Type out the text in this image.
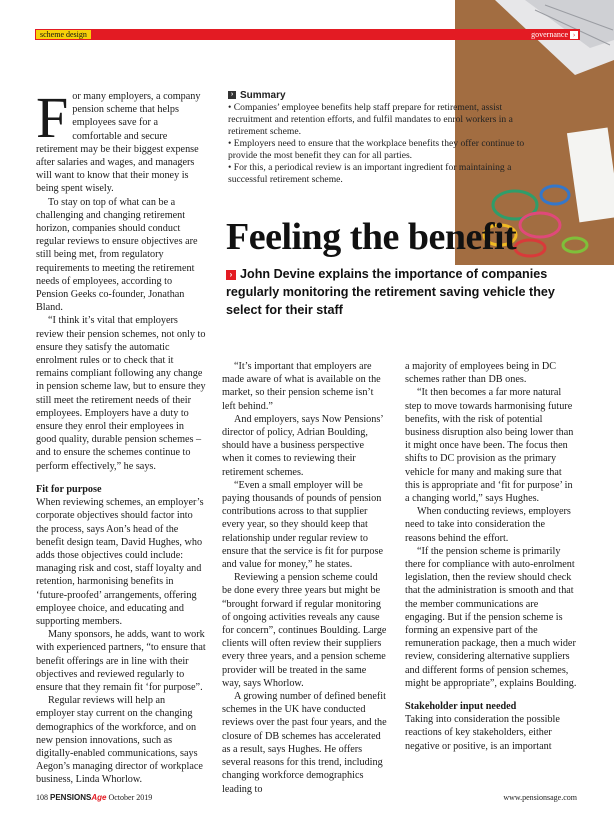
scheme design	governance ›
› Summary

• Companies’ employee benefits help staff prepare for retirement, assist recruitment and retention efforts, and fulfil mandates to enrol workers in a retirement scheme.

• Employers need to ensure that the workplace benefits they offer continue to provide the most benefit they can for all parties.

• For this, a periodical review is an important ingredient for maintaining a successful retirement scheme.

Feeling the benefit
› John Devine explains the importance of companies regularly monitoring the retirement saving vehicle they select for their staff

For many employers, a company pension scheme that helps employees save for a comfortable and secure retirement may be their biggest expense after salaries and wages, and managers will want to know that their money is being spent wisely.

To stay on top of what can be a challenging and changing retirement horizon, companies should conduct regular reviews to ensure objectives are still being met, from regulatory requirements to meeting the retirement needs of employees, according to Pension Geeks co-founder, Jonathan Bland.

“I think it’s vital that employers review their pension schemes, not only to ensure they satisfy the automatic enrolment rules or to check that it remains compliant following any change in pension scheme law, but to ensure they still meet the retirement needs of their employees. Employers have a duty to ensure they enrol their employees in good quality, durable pension schemes –and to ensure the schemes continue to perform effectively,” he says.

Fit for purpose

When reviewing schemes, an employer’s corporate objectives should factor into the process, says Aon’s head of the benefit design team, David Hughes, who adds those objectives could include: managing risk and cost, staff loyalty and retention, harmonising benefits in ‘future-proofed’ arrangements, offering employee choice, and educating and supporting members.

Many sponsors, he adds, want to work with experienced partners, “to ensure that benefit offerings are in line with their objectives and reviewed regularly to ensure that they remain fit ‘for purpose”.

Regular reviews will help an employer stay current on the changing demographics of the workforce, and on new pension innovations, such as digitally-enabled communications, says Aegon’s managing director of workplace business, Linda Whorlow.

“It’s important that employers are made aware of what is available on the market, so their pension scheme isn’t left behind.”

And employers, says Now Pensions’ director of policy, Adrian Boulding, should have a business perspective when it comes to reviewing their retirement schemes.

“Even a small employer will be paying thousands of pounds of pension contributions across to that supplier every year, so they should keep that relationship under regular review to ensure that the service is fit for purpose and value for money,” he states.

Reviewing a pension scheme could be done every three years but might be “brought forward if regular monitoring of ongoing activities reveals any cause for concern”, continues Boulding. Large clients will often review their suppliers every three years, and a pension scheme provider will be treated in the same way, says Whorlow.

A growing number of defined benefit schemes in the UK have conducted reviews over the past four years, and the closure of DB schemes has accelerated as a result, says Hughes. He offers several reasons for this trend, including changing workforce demographics leading to

a majority of employees being in DC schemes rather than DB ones.

“It then becomes a far more natural step to move towards harmonising future benefits, with the risk of potential business disruption also being lower than it might once have been. The focus then shifts to DC provision as the primary vehicle for many and making sure that this is appropriate and ‘fit for purpose’ in a changing world,” says Hughes.

When conducting reviews, employers need to take into consideration the reasons behind the effort.

“If the pension scheme is primarily there for compliance with auto-enrolment legislation, then the review should check that the administration is smooth and that the member communications are engaging. But if the pension scheme is forming an expensive part of the remuneration package, then a much wider review, considering alternative suppliers and different forms of pension schemes, might be appropriate”, explains Boulding.

Stakeholder input needed

Taking into consideration the possible reactions of key stakeholders, either negative or positive, is an important

108 PENSIONSAge October 2019	www.pensionsage.com
